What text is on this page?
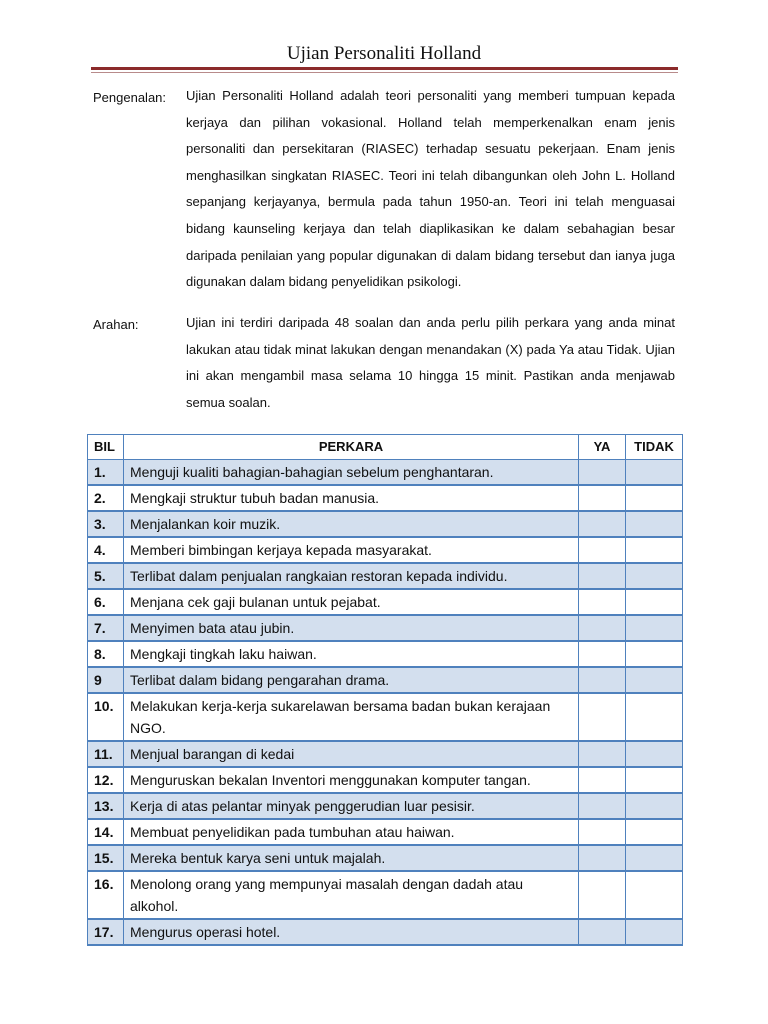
Ujian Personaliti Holland
Pengenalan: Ujian Personaliti Holland adalah teori personaliti yang memberi tumpuan kepada kerjaya dan pilihan vokasional. Holland telah memperkenalkan enam jenis personaliti dan persekitaran (RIASEC) terhadap sesuatu pekerjaan. Enam jenis menghasilkan singkatan RIASEC. Teori ini telah dibangunkan oleh John L. Holland sepanjang kerjayanya, bermula pada tahun 1950-an. Teori ini telah menguasai bidang kaunseling kerjaya dan telah diaplikasikan ke dalam sebahagian besar daripada penilaian yang popular digunakan di dalam bidang tersebut dan ianya juga digunakan dalam bidang penyelidikan psikologi.
Arahan:	Ujian ini terdiri daripada 48 soalan dan anda perlu pilih perkara yang anda minat lakukan atau tidak minat lakukan dengan menandakan (X) pada Ya atau Tidak. Ujian ini akan mengambil masa selama 10 hingga 15 minit. Pastikan anda menjawab semua soalan.
BIL	PERKARA	YA	TIDAK
1.	Menguji kualiti bahagian-bahagian sebelum penghantaran.		
2.	Mengkaji struktur tubuh badan manusia.		
3.	Menjalankan koir muzik.		
4.	Memberi bimbingan kerjaya kepada masyarakat.		
5.	Terlibat dalam penjualan rangkaian restoran kepada individu.		
6.	Menjana cek gaji bulanan untuk pejabat.		
7.	Menyimen bata atau jubin.		
8.	Mengkaji tingkah laku haiwan.		
9	Terlibat dalam bidang pengarahan drama.		
10.	Melakukan kerja-kerja sukarelawan bersama badan bukan kerajaan NGO.		
11.	Menjual barangan di kedai		
12.	Menguruskan bekalan Inventori menggunakan komputer tangan.		
13.	Kerja di atas pelantar minyak penggerudian luar pesisir.		
14.	Membuat penyelidikan pada tumbuhan atau haiwan.		
15.	Mereka bentuk karya seni untuk majalah.		
16.	Menolong orang yang mempunyai masalah dengan dadah atau alkohol.		
17.	Mengurus operasi hotel.		
